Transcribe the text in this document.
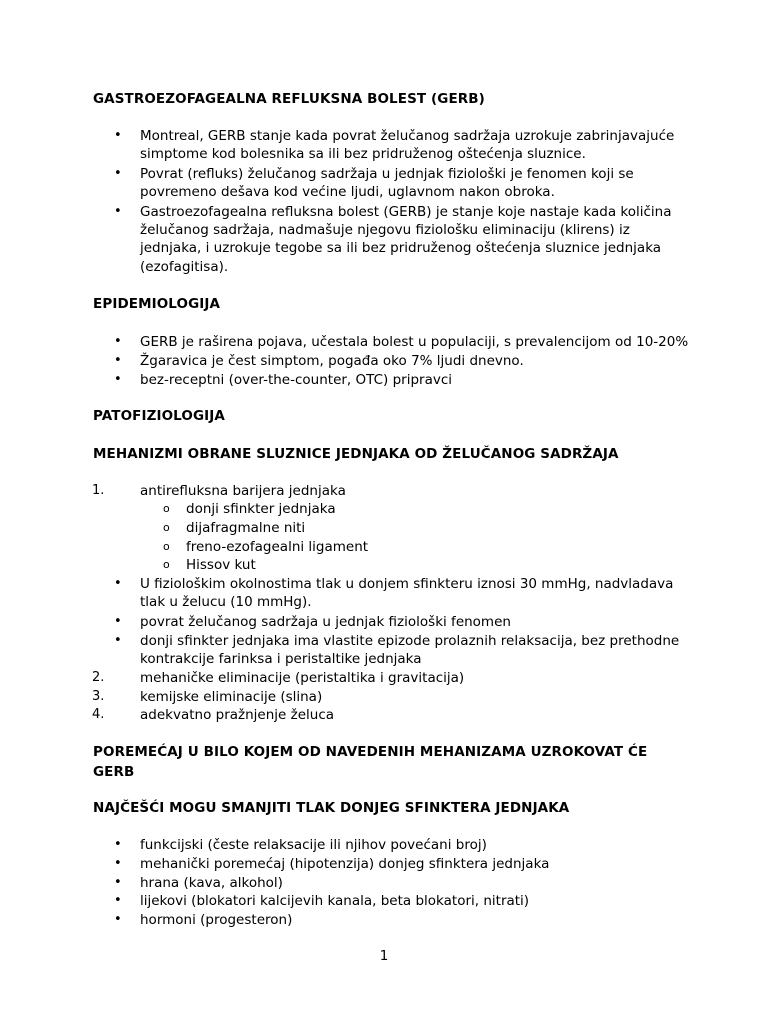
GASTROEZOFAGEALNA REFLUKSNA BOLEST (GERB)
• Montreal, GERB stanje kada povrat želučanog sadržaja uzrokuje zabrinjavajuće simptome kod bolesnika sa ili bez pridruženog oštećenja sluznice.
• Povrat (refluks) želučanog sadržaja u jednjak fiziološki je fenomen koji se povremeno dešava kod većine ljudi, uglavnom nakon obroka.
• Gastroezofagealna refluksna bolest (GERB) je stanje koje nastaje kada količina želučanog sadržaja, nadmašuje njegovu fiziološku eliminaciju (klirens) iz jednjaka, i uzrokuje tegobe sa ili bez pridruženog oštećenja sluznice jednjaka (ezofagitisa).
EPIDEMIOLOGIJA
• GERB je raširena pojava, učestala bolest u populaciji, s prevalencijom od 10-20%
• Žgaravica je čest simptom, pogađa oko 7% ljudi dnevno.
• bez-receptni (over-the-counter, OTC) pripravci
PATOFIZIOLOGIJA
MEHANIZMI OBRANE SLUZNICE JEDNJAKA OD ŽELUČANOG SADRŽAJA
1.	antirefluksna barijera jednjaka
o donji sfinkter jednjaka
o dijafragmalne niti
o freno-ezofagealni ligament
o Hissov kut
• U fiziološkim okolnostima tlak u donjem sfinkteru iznosi 30 mmHg, nadvladava tlak u želucu (10 mmHg).
• povrat želučanog sadržaja u jednjak fiziološki fenomen
• donji sfinkter jednjaka ima vlastite epizode prolaznih relaksacija, bez prethodne kontrakcije farinksa i peristaltike jednjaka
2.	mehaničke eliminacije (peristaltika i gravitacija)
3.	kemijske eliminacije (slina)
4.	adekvatno pražnjenje želuca
POREMEĆAJ U BILO KOJEM OD NAVEDENIH MEHANIZAMA UZROKOVAT ĆE GERB
NAJČEŠĆI MOGU SMANJITI TLAK DONJEG SFINKTERA JEDNJAKA
• funkcijski (česte relaksacije ili njihov povećani broj)
• mehanički poremećaj (hipotenzija) donjeg sfinktera jednjaka
• hrana (kava, alkohol)
• lijekovi (blokatori kalcijevih kanala, beta blokatori, nitrati)
• hormoni (progesteron)
1
